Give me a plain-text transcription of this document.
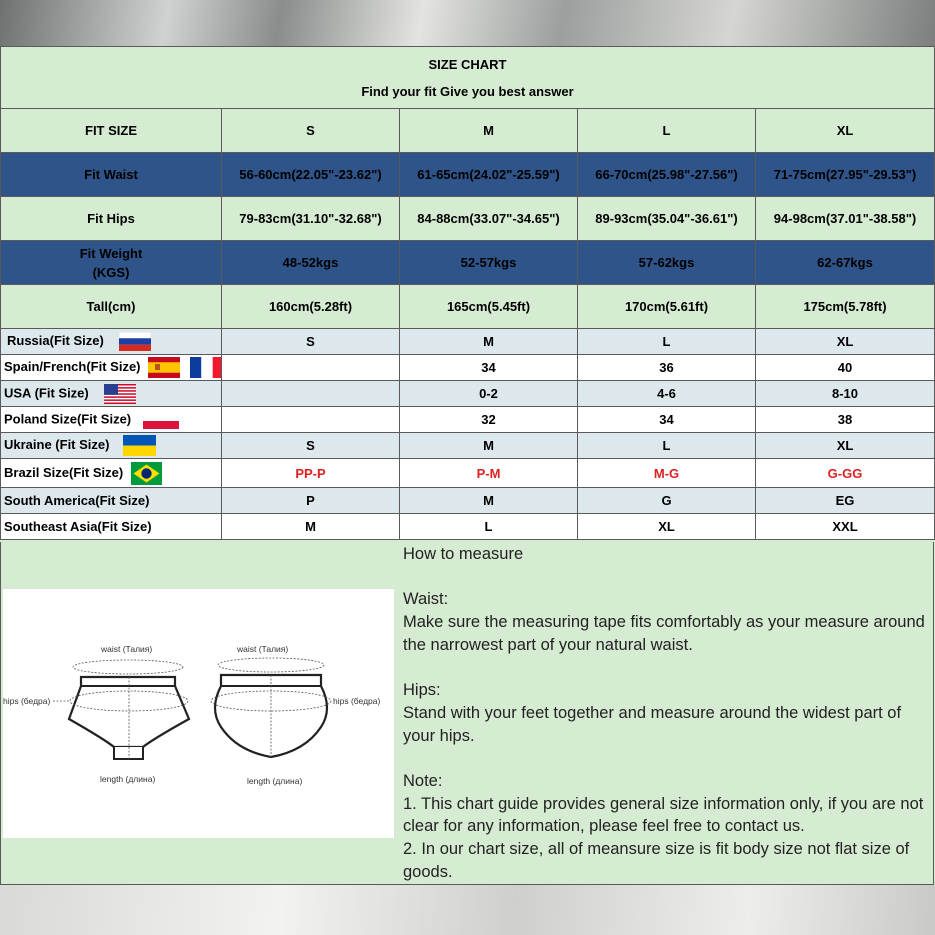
SIZE CHART
Find your fit Give you best answer				

FIT SIZE	S	M	L	XL
Fit Waist	56-60cm(22.05"-23.62")	61-65cm(24.02"-25.59")	66-70cm(25.98"-27.56")	71-75cm(27.95"-29.53")
Fit Hips	79-83cm(31.10"-32.68")	84-88cm(33.07"-34.65")	89-93cm(35.04"-36.61")	94-98cm(37.01"-38.58")

Fit Weight
(KGS)	48-52kgs	52-57kgs	57-62kgs	62-67kgs
Tall(cm)	160cm(5.28ft)	165cm(5.45ft)	170cm(5.61ft)	175cm(5.78ft)
Russia(Fit Size)	S	M	L	XL
Spain/French(Fit Size)		34	36	40
USA (Fit Size)		0-2	4-6	8-10
Poland Size(Fit Size)		32	34	38
Ukraine (Fit Size)	S	M	L	XL
Brazil Size(Fit Size)	PP-P	P-M	M-G	G-GG
South America(Fit Size)	P	M	G	EG
Southeast Asia(Fit Size)	M	L	XL	XXL
waist (Талия)
hips (бедра)
length (длина)
waist (Талия)
hips (бедра)
length (длина)

How to measure

Waist:

Make sure the measuring tape fits comfortably as your measure around the narrowest part of your natural waist.

Hips:

Stand with your feet together and measure around the widest part of your hips.

Note:

1. This chart guide provides general size information only, if you are not clear for any information, please feel free to contact us.

2. In our chart size, all of meansure size is fit body size not flat size of goods.
